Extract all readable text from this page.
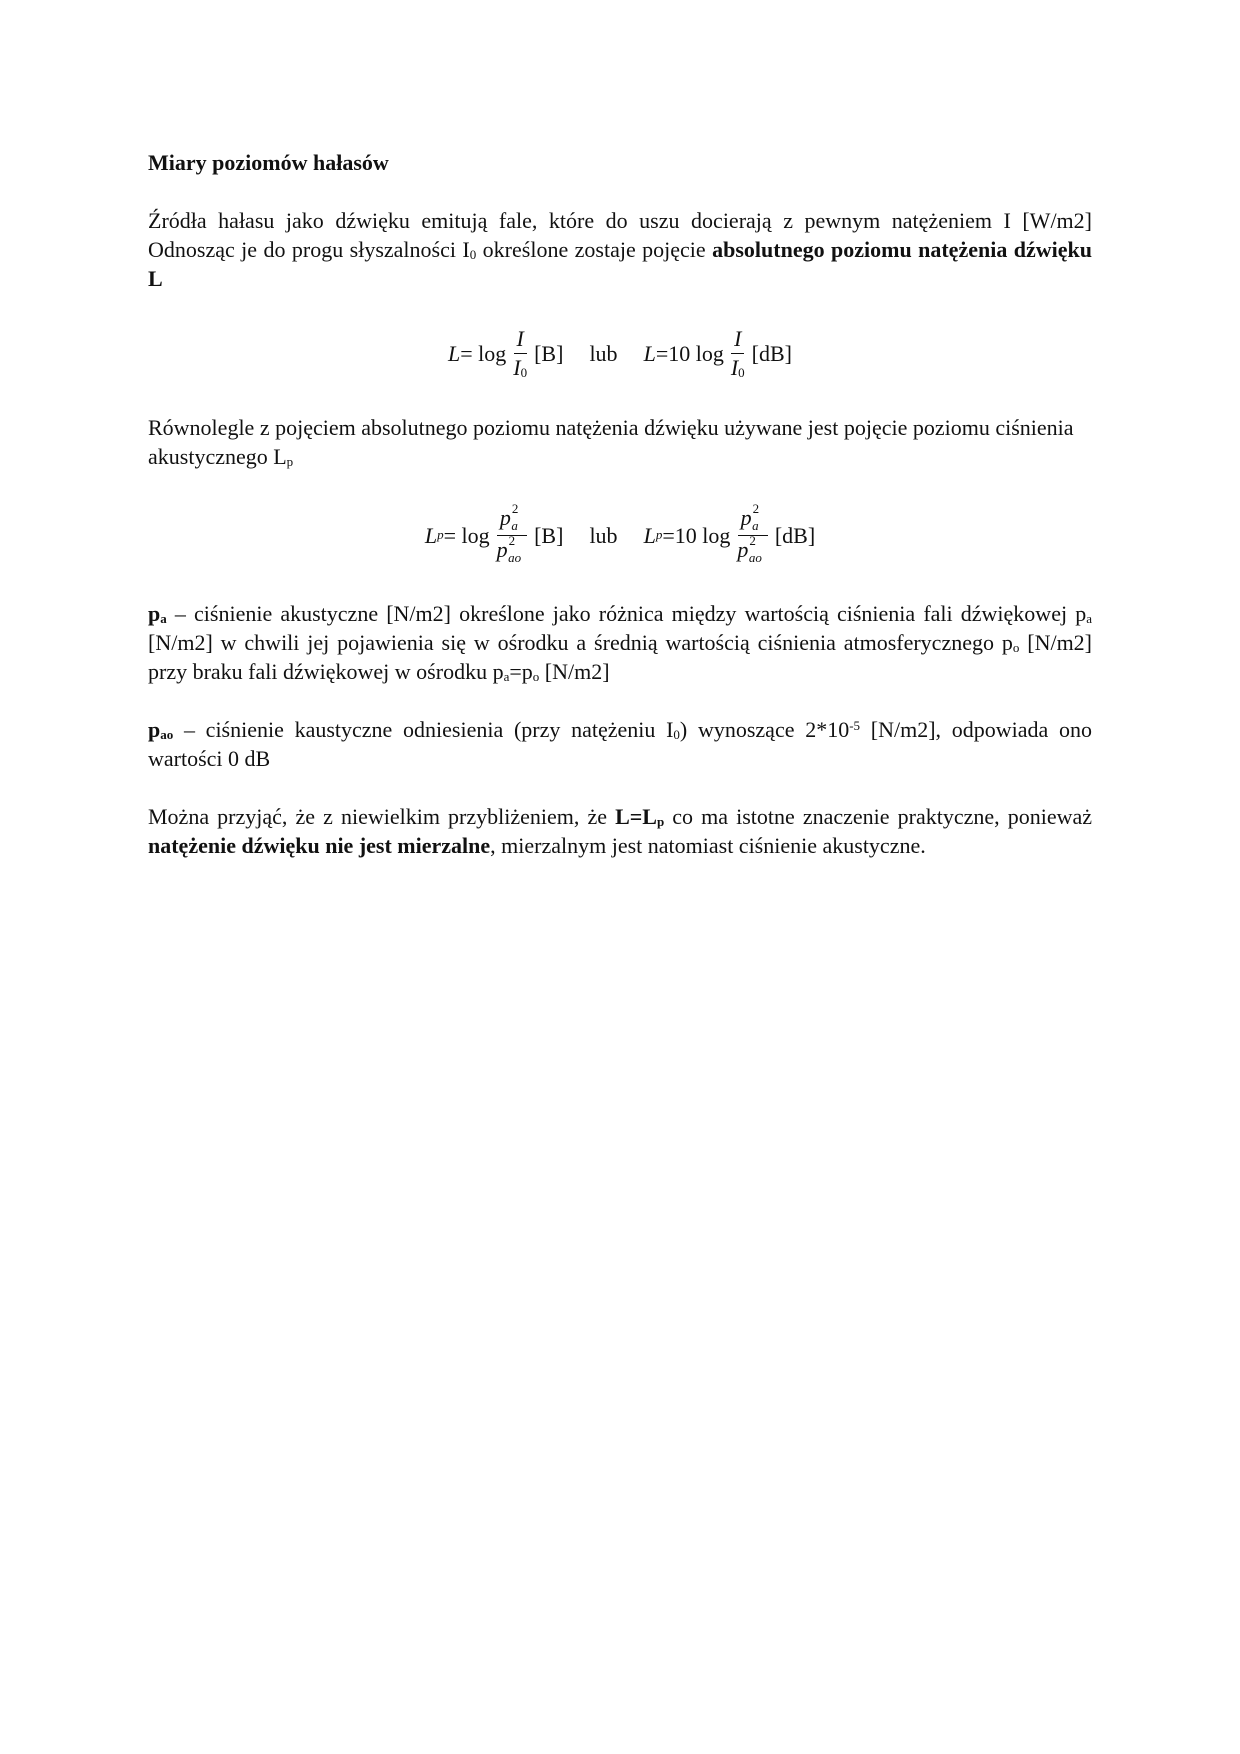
Miary poziomów hałasów

Źródła hałasu jako dźwięku emitują fale, które do uszu docierają z pewnym natężeniem I [W/m2] Odnosząc je do progu słyszalności $I_0$ określone zostaje pojęcie absolutnego poziomu natężenia dźwięku L

$L = \log \frac{I}{I_0} [B]$ lub L =10 $\log \frac{I}{I_0} [dB]$

Równolegle z pojęciem absolutnego poziomu natężenia dźwięku używane jest pojęcie poziomu ciśnienia akustycznego $L_p$

L $p = \log \frac{p^2_a}{p^2_{ao}} [B]$ lub L p =10 $\log \frac{p^2_a}{p^2_{ao}} [dB]$

$p_a$ – ciśnienie akustyczne [N/m2] określone jako różnica między wartością ciśnienia fali dźwiękowej $p_a$ [N/m2] w chwili jej pojawienia się w ośrodku a średnią wartością ciśnienia atmosferycznego $p_o$ [N/m2] przy braku fali dźwiękowej w ośrodku $p_a=p_o$ [N/m2]

$p_{ao}$ – ciśnienie kaustyczne odniesienia (przy natężeniu $I_0$) wynoszące $2*10^{-5}$ [N/m2], odpowiada ono wartości 0 dB

Można przyjąć, że z niewielkim przybliżeniem, że $L=L_p$ co ma istotne znaczenie praktyczne, ponieważ natężenie dźwięku nie jest mierzalne, mierzalnym jest natomiast ciśnienie akustyczne.
